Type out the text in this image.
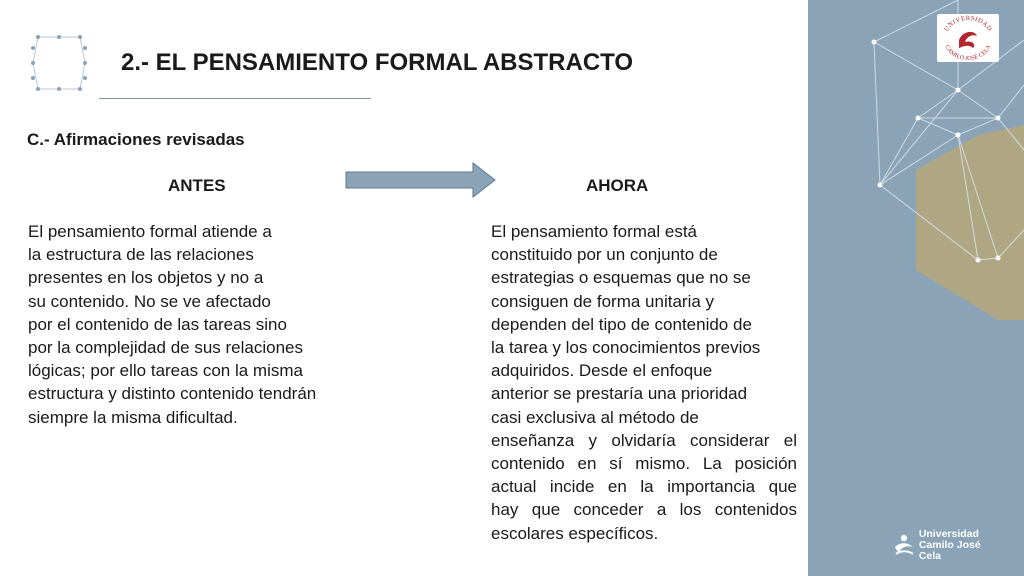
2.- EL PENSAMIENTO FORMAL ABSTRACTO
C.- Afirmaciones revisadas
ANTES	AHORA
El pensamiento formal atiende a
la estructura de las relaciones
presentes en los objetos y no a
su contenido. No se ve afectado
por el contenido de las tareas sino
por la complejidad de sus relaciones
lógicas; por ello tareas con la misma
estructura y distinto contenido tendrán
siempre la misma dificultad.
El pensamiento formal está
constituido por un conjunto de
estrategias o esquemas que no se
consiguen de forma unitaria y
dependen del tipo de contenido de
la tarea y los conocimientos previos
adquiridos. Desde el enfoque
anterior se prestaría una prioridad
casi exclusiva al método de
enseñanza y olvidaría considerar el
contenido en sí mismo. La posición
actual incide en la importancia que
hay que conceder a los contenidos
escolares específicos.
UNIVERSIDAD
CAMILO JOSÉ CELA
Universidad
Camilo José Cela
